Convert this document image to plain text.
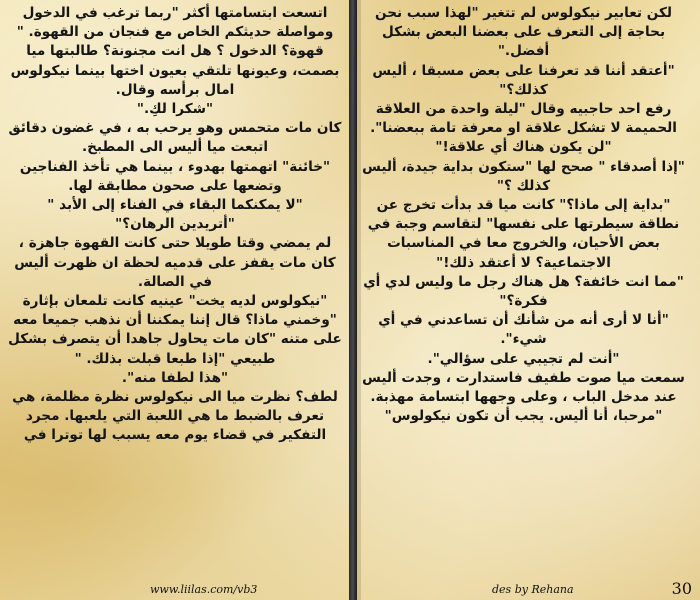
لكن تعابير نيكولوس لم تتغير "لهذا سبب نحن بحاجة إلى التعرف على بعضنا البعض بشكل أفضل."

"أعتقد أننا قد تعرفنا على بعض مسبقا ، أليس كذلك؟"

رفع احد حاجبيه وقال "ليلة واحدة من العلاقة الحميمة لا تشكل علاقة او معرفة تامة ببعضنا".

"لن يكون هناك أي علاقة!"

"إذا أصدقاء " صحح لها "ستكون بداية جيدة، أليس كذلك ؟"

"بداية إلى ماذا؟" كانت ميا قد بدأت تخرج عن نطاقة سيطرتها على نفسها" لتقاسم وجبة في بعض الأحيان، والخروج معا في المناسبات الاجتماعية؟ لا أعتقد ذلك!"

"مما انت خائفة؟ هل هناك رجل ما وليس لدي أي فكرة؟"

"أنا لا أرى أنه من شأنك أن تساعدني في أي شيء".

"أنت لم تجيبي على سؤالي".

سمعت ميا صوت طفيف فاستدارت ، وجدت أليس عند مدخل الباب ، وعلى وجهها ابتسامة مهذبة.

"مرحبا، أنا أليس. يجب أن تكون نيكولوس"

اتسعت ابتسامتها أكثر "ربما ترغب في الدخول ومواصلة حديثكم الخاص مع فنجان من القهوة. "

قهوة؟ الدخول ؟ هل انت مجنونة؟ طالبتها ميا بصمت، وعيونها تلتقي بعيون اختها بينما نيكولوس امال برأسه وقال.

"شكرا لكِ."

كان مات متحمس وهو يرحب به ، في غضون دقائق اتبعت ميا أليس الى المطبخ.

"خائنة" اتهمتها بهدوء ، بينما هي تأخذ الفناجين وتضعها على صحون مطابقة لها.

"لا يمكنكما البقاء في الفناء إلى الأبد "

"أتريدين الرهان؟"

لم يمضي وقتا طويلا حتى كانت القهوة جاهزة ، كان مات يقفز على قدميه لحظة ان ظهرت أليس في الصالة.

"نيكولوس لديه يخت" عينيه كانت تلمعان بإثارة "وخمني ماذا؟ قال إننا يمكننا أن نذهب جميعا معه على متنه "كان مات يحاول جاهدا أن يتصرف بشكل طبيعي "إذا طبعا قبلت بذلك. "

"هذا لطفا منه".

لطف؟ نظرت ميا الى نيكولوس نظرة مظلمة، هي تعرف بالضبط ما هي اللعبة التي يلعبها. مجرد التفكير في قضاء يوم معه يسبب لها توترا في

www.liilas.com/vb3	des by Rehana	30
